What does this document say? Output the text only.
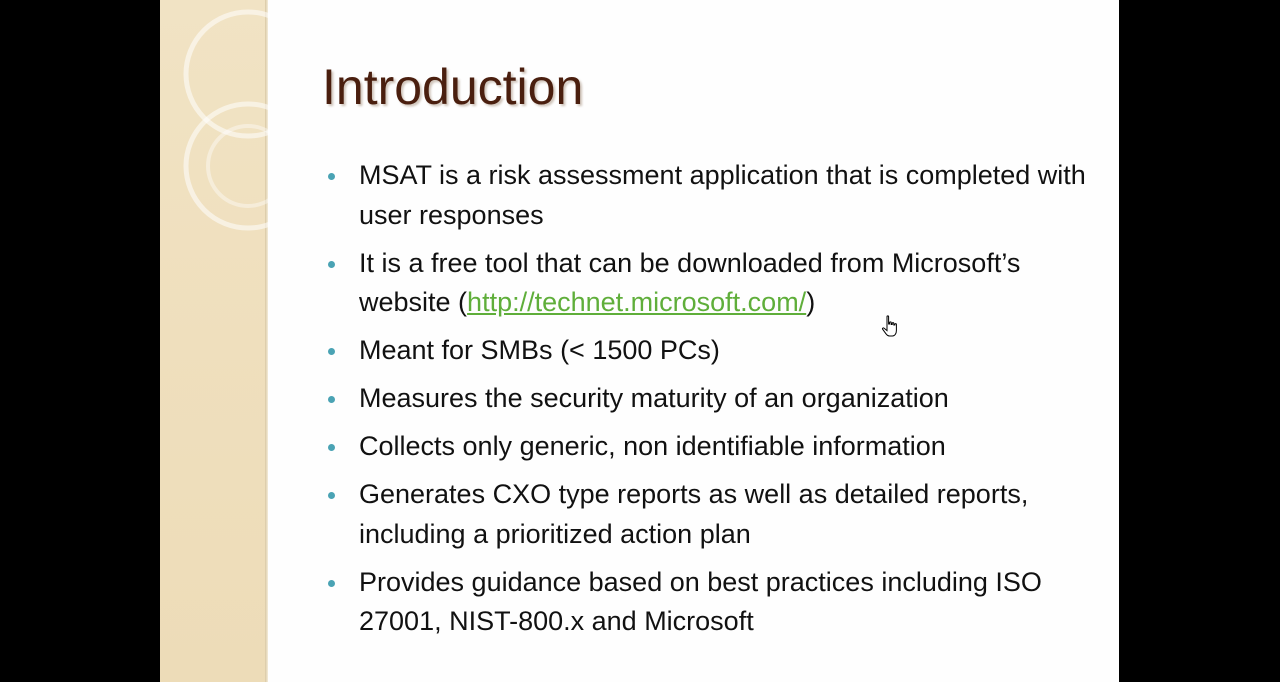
Introduction
MSAT is a risk assessment application that is completed with user responses
It is a free tool that can be downloaded from Microsoft’s website (http://technet.microsoft.com/)
Meant for SMBs (< 1500 PCs)
Measures the security maturity of an organization
Collects only generic, non identifiable information
Generates CXO type reports as well as detailed reports, including a prioritized action plan
Provides guidance based on best practices including ISO 27001, NIST-800.x and Microsoft
